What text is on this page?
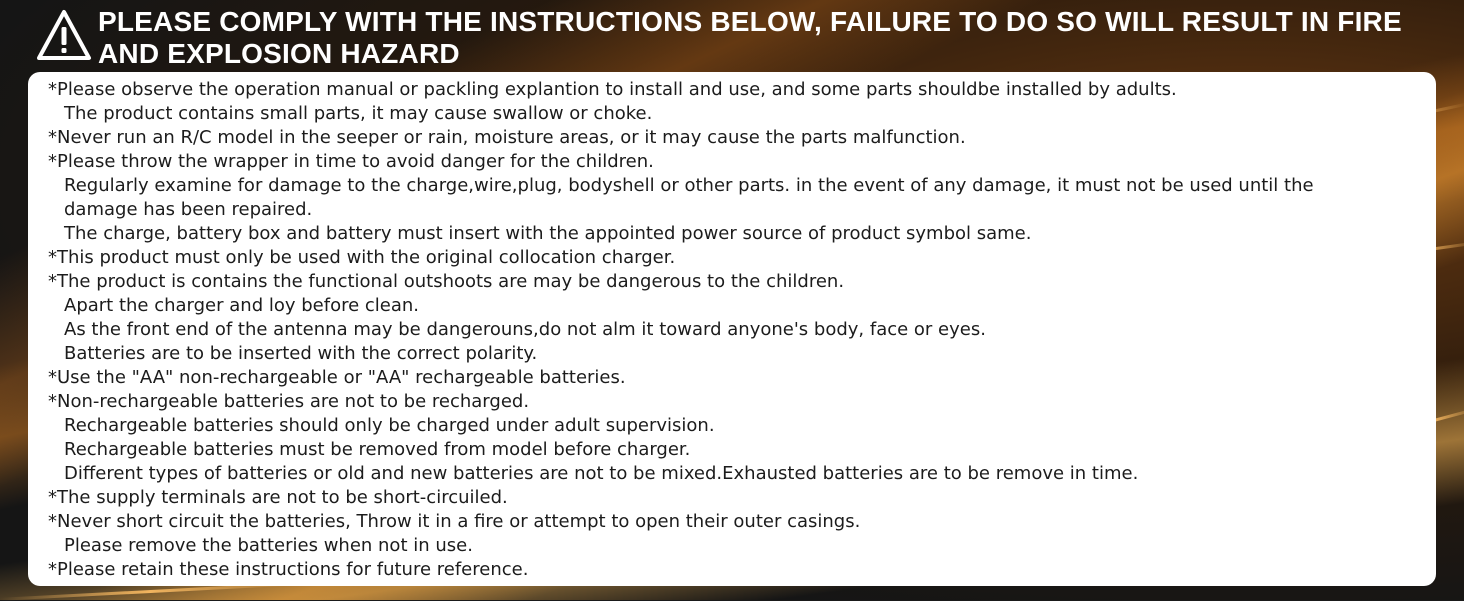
PLEASE COMPLY WITH THE INSTRUCTIONS BELOW, FAILURE TO DO SO WILL RESULT IN FIRE
AND EXPLOSION HAZARD
*Please observe the operation manual or packling explantion to install and use, and some parts shouldbe installed by adults.
The product contains small parts, it may cause swallow or choke.
*Never run an R/C model in the seeper or rain, moisture areas, or it may cause the parts malfunction.
*Please throw the wrapper in time to avoid danger for the children.
Regularly examine for damage to the charge,wire,plug, bodyshell or other parts. in the event of any damage, it must not be used until the
damage has been repaired.
The charge, battery box and battery must insert with the appointed power source of product symbol same.
*This product must only be used with the original collocation charger.
*The product is contains the functional outshoots are may be dangerous to the children.
Apart the charger and loy before clean.
As the front end of the antenna may be dangerouns,do not alm it toward anyone's body, face or eyes.
Batteries are to be inserted with the correct polarity.
*Use the "AA" non-rechargeable or "AA" rechargeable batteries.
*Non-rechargeable batteries are not to be recharged.
Rechargeable batteries should only be charged under adult supervision.
Rechargeable batteries must be removed from model before charger.
Different types of batteries or old and new batteries are not to be mixed.Exhausted batteries are to be remove in time.
*The supply terminals are not to be short-circuiled.
*Never short circuit the batteries, Throw it in a fire or attempt to open their outer casings.
Please remove the batteries when not in use.
*Please retain these instructions for future reference.
